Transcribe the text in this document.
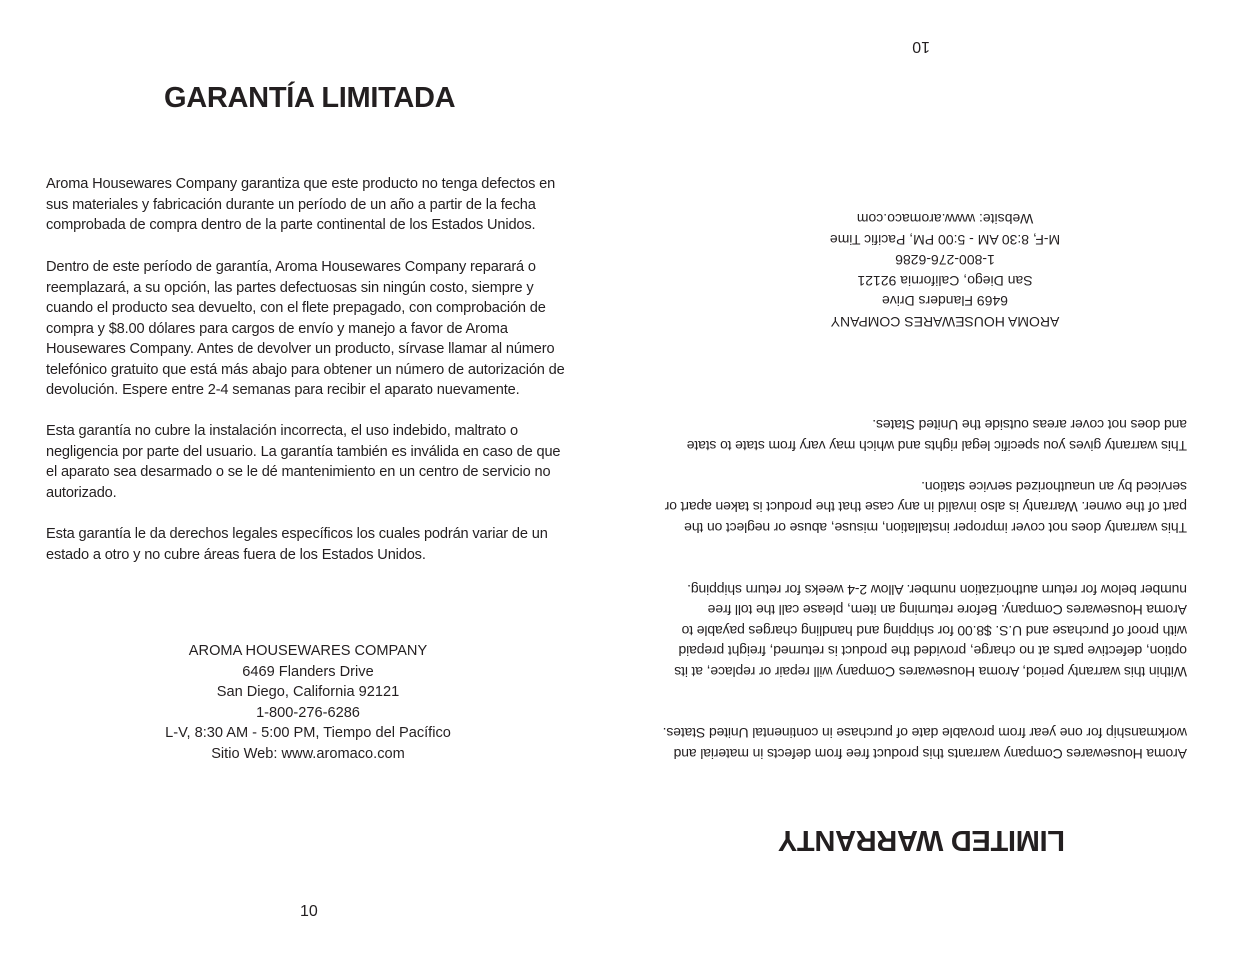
GARANTÍA LIMITADA

Aroma Housewares Company garantiza que este producto no tenga defectos en sus materiales y fabricación durante un período de un año a partir de la fecha comprobada de compra dentro de la parte continental de los Estados Unidos.

Dentro de este período de garantía, Aroma Housewares Company reparará o reemplazará, a su opción, las partes defectuosas sin ningún costo, siempre y cuando el producto sea devuelto, con el flete prepagado, con comprobación de compra y $8.00 dólares para cargos de envío y manejo a favor de Aroma Housewares Company. Antes de devolver un producto, sírvase llamar al número telefónico gratuito que está más abajo para obtener un número de autorización de devolución. Espere entre 2-4 semanas para recibir el aparato nuevamente.

Esta garantía no cubre la instalación incorrecta, el uso indebido, maltrato o negligencia por parte del usuario. La garantía también es inválida en caso de que el aparato sea desarmado o se le dé mantenimiento en un centro de servicio no autorizado.

Esta garantía le da derechos legales específicos los cuales podrán variar de un estado a otro y no cubre áreas fuera de los Estados Unidos.

AROMA HOUSEWARES COMPANY
6469 Flanders Drive
San Diego, California 92121
1-800-276-6286
L-V, 8:30 AM - 5:00 PM, Tiempo del Pacífico
Sitio Web: www.aromaco.com
10
LIMITED WARRANTY

Aroma Housewares Company warrants this product free from defects in material and workmanship for one year from provable date of purchase in continental United States.

Within this warranty period, Aroma Housewares Company will repair or replace, at its option, defective parts at no charge, provided the product is returned, freight prepaid with proof of purchase and U.S. $8.00 for shipping and handling charges payable to Aroma Housewares Company. Before returning an item, please call the toll free number below for return authorization number. Allow 2-4 weeks for return shipping.

This warranty does not cover improper installation, misuse, abuse or neglect on the part of the owner. Warranty is also invalid in any case that the product is taken apart or serviced by an unauthorized service station.

This warranty gives you specific legal rights and which may vary from state to state and does not cover areas outside the United States.

AROMA HOUSEWARES COMPANY
6469 Flanders Drive
San Diego, California 92121
1-800-276-6286
M-F, 8:30 AM - 5:00 PM, Pacific Time
Website: www.aromaco.com
10
